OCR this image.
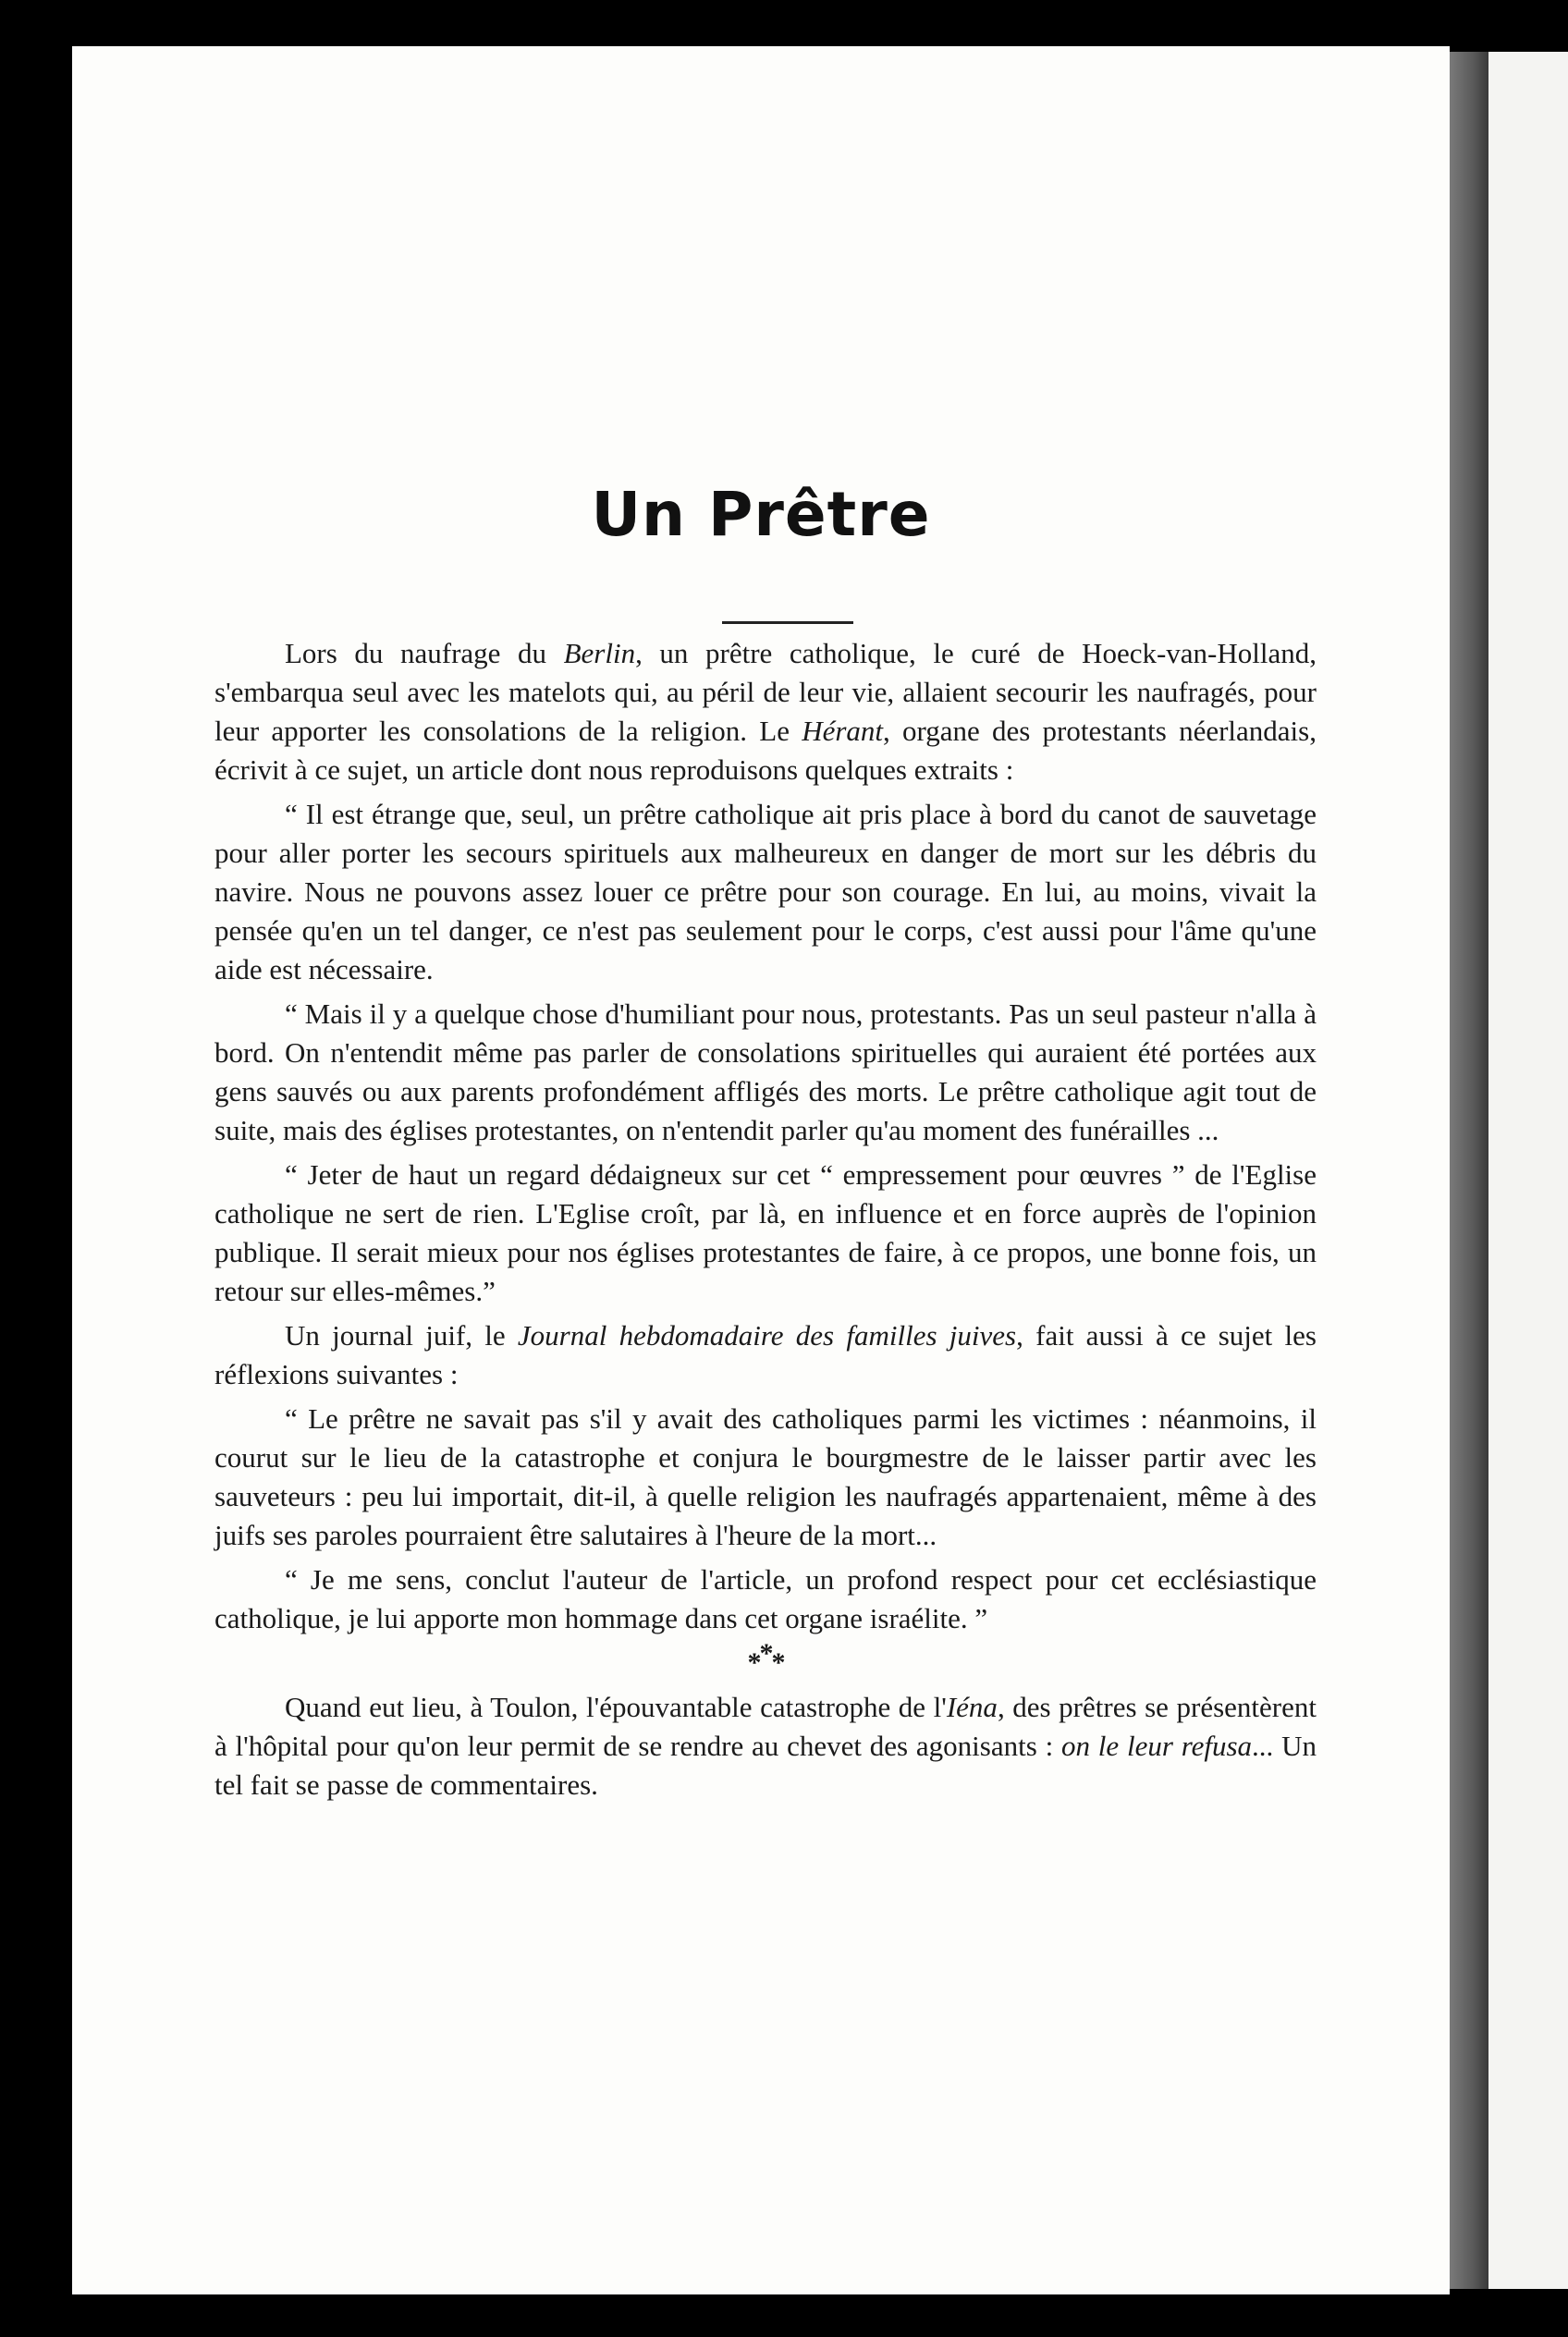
Un Prêtre

Lors du naufrage du Berlin, un prêtre catholique, le curé de Hoeck-van-Holland, s'embarqua seul avec les matelots qui, au péril de leur vie, allaient secourir les naufragés, pour leur apporter les consolations de la religion. Le Hérant, organe des protestants néerlandais, écrivit à ce sujet, un article dont nous reproduisons quelques extraits :

“ Il est étrange que, seul, un prêtre catholique ait pris place à bord du canot de sauvetage pour aller porter les secours spirituels aux malheureux en danger de mort sur les débris du navire. Nous ne pouvons assez louer ce prêtre pour son courage. En lui, au moins, vivait la pensée qu'en un tel danger, ce n'est pas seulement pour le corps, c'est aussi pour l'âme qu'une aide est nécessaire.

“ Mais il y a quelque chose d'humiliant pour nous, protestants. Pas un seul pasteur n'alla à bord. On n'entendit même pas parler de consolations spirituelles qui auraient été portées aux gens sauvés ou aux parents profondément affligés des morts. Le prêtre catholique agit tout de suite, mais des églises protestantes, on n'entendit parler qu'au moment des funérailles ...

“ Jeter de haut un regard dédaigneux sur cet “ empressement pour œuvres ” de l'Eglise catholique ne sert de rien. L'Eglise croît, par là, en influence et en force auprès de l'opinion publique. Il serait mieux pour nos églises protestantes de faire, à ce propos, une bonne fois, un retour sur elles-mêmes.”

Un journal juif, le Journal hebdomadaire des familles juives, fait aussi à ce sujet les réflexions suivantes :

“ Le prêtre ne savait pas s'il y avait des catholiques parmi les victimes : néanmoins, il courut sur le lieu de la catastrophe et conjura le bourgmestre de le laisser partir avec les sauveteurs : peu lui importait, dit-il, à quelle religion les naufragés appartenaient, même à des juifs ses paroles pourraient être salutaires à l'heure de la mort...

“ Je me sens, conclut l'auteur de l'article, un profond respect pour cet ecclésiastique catholique, je lui apporte mon hommage dans cet organe israélite. ”

***

Quand eut lieu, à Toulon, l'épouvantable catastrophe de l'Iéna, des prêtres se présentèrent à l'hôpital pour qu'on leur permit de se rendre au chevet des agonisants : on le leur refusa... Un tel fait se passe de commentaires.
